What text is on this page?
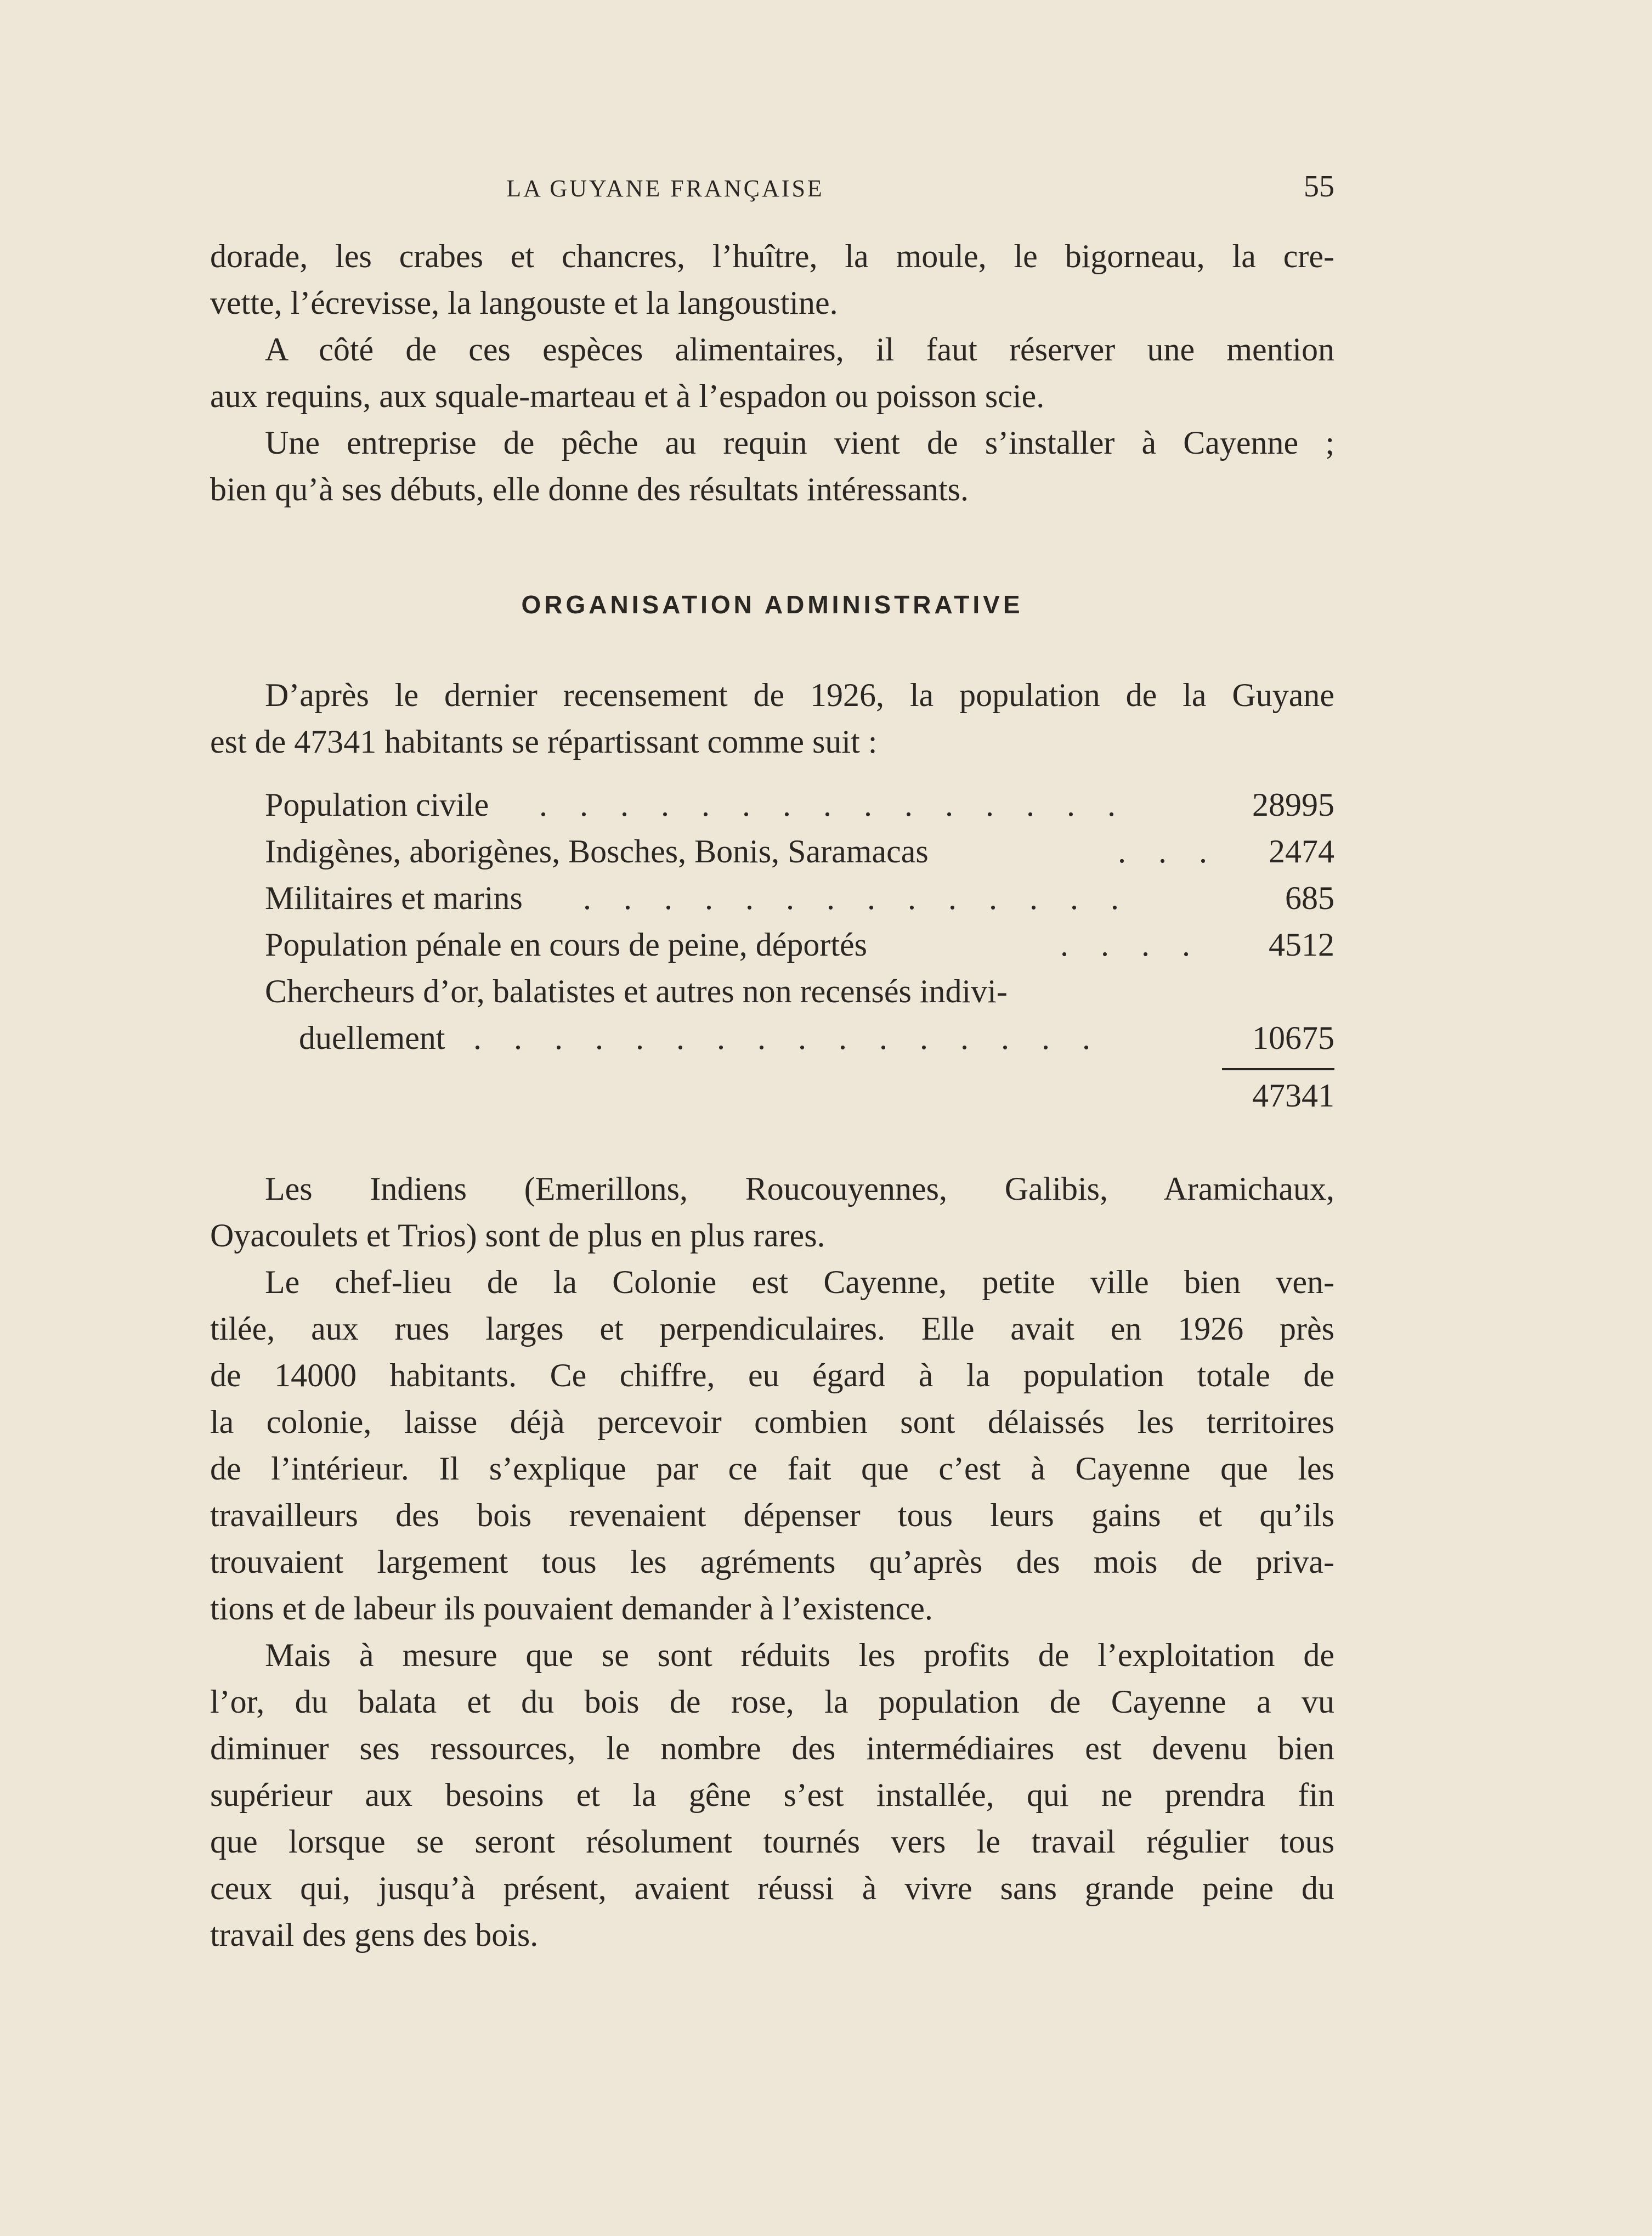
LA GUYANE FRANÇAISE	55
dorade, les crabes et chancres, l’huître, la moule, le bigorneau, la cre-
vette, l’écrevisse, la langouste et la langoustine.
A côté de ces espèces alimentaires, il faut réserver une mention
aux requins, aux squale-marteau et à l’espadon ou poisson scie.
Une entreprise de pêche au requin vient de s’installer à Cayenne ;
bien qu’à ses débuts, elle donne des résultats intéressants.
ORGANISATION ADMINISTRATIVE
D’après le dernier recensement de 1926, la population de la Guyane
est de 47341 habitants se répartissant comme suit :
Population civile . . . . . . . . . . . . . . .	28995
Indigènes, aborigènes, Bosches, Bonis, Saramacas	. . . 2474
Militaires et marins . . . . . . . . . . . . . .	685
Population pénale en cours de peine, déportés	. . . . 4512
Chercheurs d’or, balatistes et autres non recensés indivi-
duellement . . . . . . . . . . . . . . . .	10675
47341
Les Indiens (Emerillons, Roucouyennes, Galibis, Aramichaux,
Oyacoulets et Trios) sont de plus en plus rares.
Le chef-lieu de la Colonie est Cayenne, petite ville bien ven-
tilée, aux rues larges et perpendiculaires. Elle avait en 1926 près
de 14000 habitants. Ce chiffre, eu égard à la population totale de
la colonie, laisse déjà percevoir combien sont délaissés les territoires
de l’intérieur. Il s’explique par ce fait que c’est à Cayenne que les
travailleurs des bois revenaient dépenser tous leurs gains et qu’ils
trouvaient largement tous les agréments qu’après des mois de priva-
tions et de labeur ils pouvaient demander à l’existence.
Mais à mesure que se sont réduits les profits de l’exploitation de
l’or, du balata et du bois de rose, la population de Cayenne a vu
diminuer ses ressources, le nombre des intermédiaires est devenu bien
supérieur aux besoins et la gêne s’est installée, qui ne prendra fin
que lorsque se seront résolument tournés vers le travail régulier tous
ceux qui, jusqu’à présent, avaient réussi à vivre sans grande peine du
travail des gens des bois.
